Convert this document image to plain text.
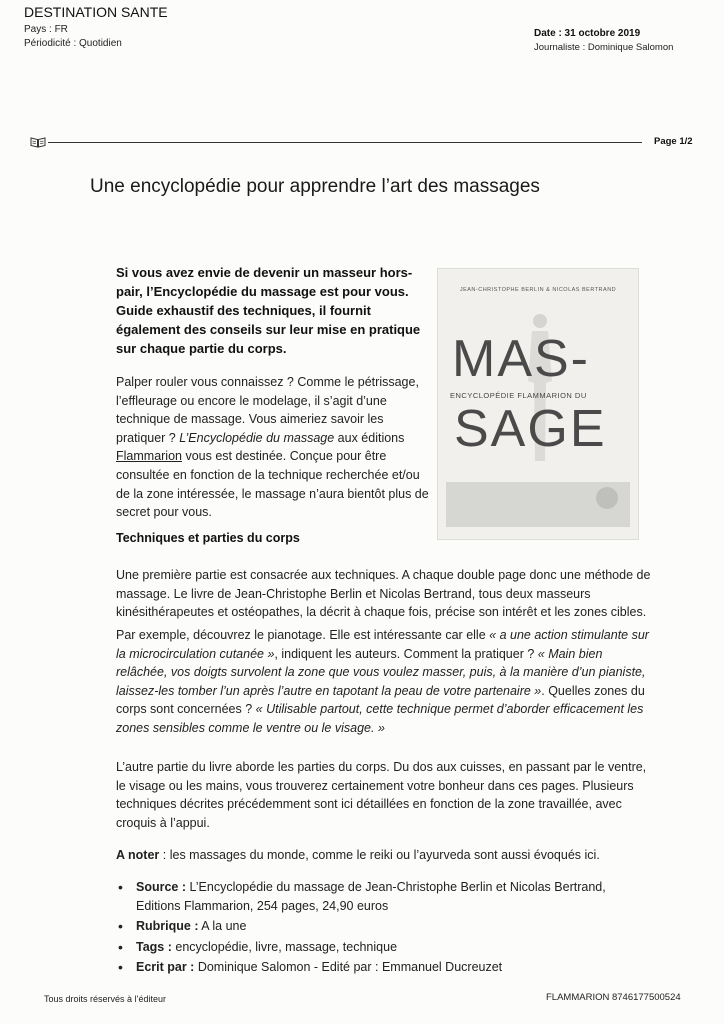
DESTINATION SANTE
Pays : FR
Périodicité : Quotidien
Date : 31 octobre 2019
Journaliste : Dominique Salomon
Page 1/2
Une encyclopédie pour apprendre l’art des massages
Si vous avez envie de devenir un masseur hors-pair, l’Encyclopédie du massage est pour vous. Guide exhaustif des techniques, il fournit également des conseils sur leur mise en pratique sur chaque partie du corps.
JEAN-CHRISTOPHE BERLIN & NICOLAS BERTRAND
MAS-
ENCYCLOPÉDIE FLAMMARION DU
SAGE
Palper rouler vous connaissez ? Comme le pétrissage, l’effleurage ou encore le modelage, il s’agit d’une technique de massage. Vous aimeriez savoir les pratiquer ? L’Encyclopédie du massage aux éditions Flammarion vous est destinée. Conçue pour être consultée en fonction de la technique recherchée et/ou de la zone intéressée, le massage n’aura bientôt plus de secret pour vous.
Techniques et parties du corps
Une première partie est consacrée aux techniques. A chaque double page donc une méthode de massage. Le livre de Jean-Christophe Berlin et Nicolas Bertrand, tous deux masseurs kinésithérapeutes et ostéopathes, la décrit à chaque fois, précise son intérêt et les zones cibles.
Par exemple, découvrez le pianotage. Elle est intéressante car elle « a une action stimulante sur la microcirculation cutanée », indiquent les auteurs. Comment la pratiquer ? « Main bien relâchée, vos doigts survolent la zone que vous voulez masser, puis, à la manière d’un pianiste, laissez-les tomber l’un après l’autre en tapotant la peau de votre partenaire ». Quelles zones du corps sont concernées ? « Utilisable partout, cette technique permet d’aborder efficacement les zones sensibles comme le ventre ou le visage. »
L’autre partie du livre aborde les parties du corps. Du dos aux cuisses, en passant par le ventre, le visage ou les mains, vous trouverez certainement votre bonheur dans ces pages. Plusieurs techniques décrites précédemment sont ici détaillées en fonction de la zone travaillée, avec croquis à l’appui.
A noter : les massages du monde, comme le reiki ou l’ayurveda sont aussi évoqués ici.
• Source : L’Encyclopédie du massage de Jean-Christophe Berlin et Nicolas Bertrand, Editions Flammarion, 254 pages, 24,90 euros
• Rubrique : A la une
• Tags : encyclopédie, livre, massage, technique
• Ecrit par : Dominique Salomon - Edité par : Emmanuel Ducreuzet
Tous droits réservés à l’éditeur	FLAMMARION 8746177500524
